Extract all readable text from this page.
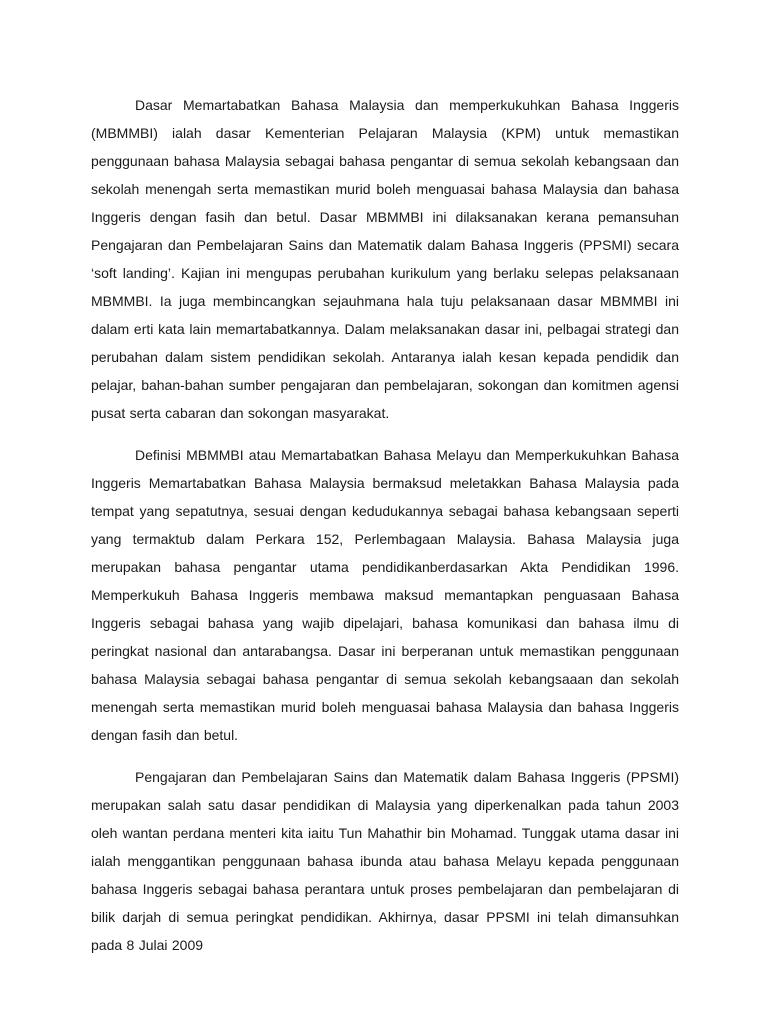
Dasar Memartabatkan Bahasa Malaysia dan memperkukuhkan Bahasa Inggeris (MBMMBI) ialah dasar Kementerian Pelajaran Malaysia (KPM) untuk memastikan penggunaan bahasa Malaysia sebagai bahasa pengantar di semua sekolah kebangsaan dan sekolah menengah serta memastikan murid boleh menguasai bahasa Malaysia dan bahasa Inggeris dengan fasih dan betul. Dasar MBMMBI ini dilaksanakan kerana pemansuhan Pengajaran dan Pembelajaran Sains dan Matematik dalam Bahasa Inggeris (PPSMI) secara ‘soft landing’. Kajian ini mengupas perubahan kurikulum yang berlaku selepas pelaksanaan MBMMBI. Ia juga membincangkan sejauhmana hala tuju pelaksanaan dasar MBMMBI ini dalam erti kata lain memartabatkannya. Dalam melaksanakan dasar ini, pelbagai strategi dan perubahan dalam sistem pendidikan sekolah. Antaranya ialah kesan kepada pendidik dan pelajar, bahan-bahan sumber pengajaran dan pembelajaran, sokongan dan komitmen agensi pusat serta cabaran dan sokongan masyarakat.

Definisi MBMMBI atau Memartabatkan Bahasa Melayu dan Memperkukuhkan Bahasa Inggeris Memartabatkan Bahasa Malaysia bermaksud meletakkan Bahasa Malaysia pada tempat yang sepatutnya, sesuai dengan kedudukannya sebagai bahasa kebangsaan seperti yang termaktub dalam Perkara 152, Perlembagaan Malaysia. Bahasa Malaysia juga merupakan bahasa pengantar utama pendidikanberdasarkan Akta Pendidikan 1996. Memperkukuh Bahasa Inggeris membawa maksud memantapkan penguasaan Bahasa Inggeris sebagai bahasa yang wajib dipelajari, bahasa komunikasi dan bahasa ilmu di peringkat nasional dan antarabangsa. Dasar ini berperanan untuk memastikan penggunaan bahasa Malaysia sebagai bahasa pengantar di semua sekolah kebangsaaan dan sekolah menengah serta memastikan murid boleh menguasai bahasa Malaysia dan bahasa Inggeris dengan fasih dan betul.

Pengajaran dan Pembelajaran Sains dan Matematik dalam Bahasa Inggeris (PPSMI) merupakan salah satu dasar pendidikan di Malaysia yang diperkenalkan pada tahun 2003 oleh wantan perdana menteri kita iaitu Tun Mahathir bin Mohamad. Tunggak utama dasar ini ialah menggantikan penggunaan bahasa ibunda atau bahasa Melayu kepada penggunaan bahasa Inggeris sebagai bahasa perantara untuk proses pembelajaran dan pembelajaran di bilik darjah di semua peringkat pendidikan. Akhirnya, dasar PPSMI ini telah dimansuhkan pada 8 Julai 2009
